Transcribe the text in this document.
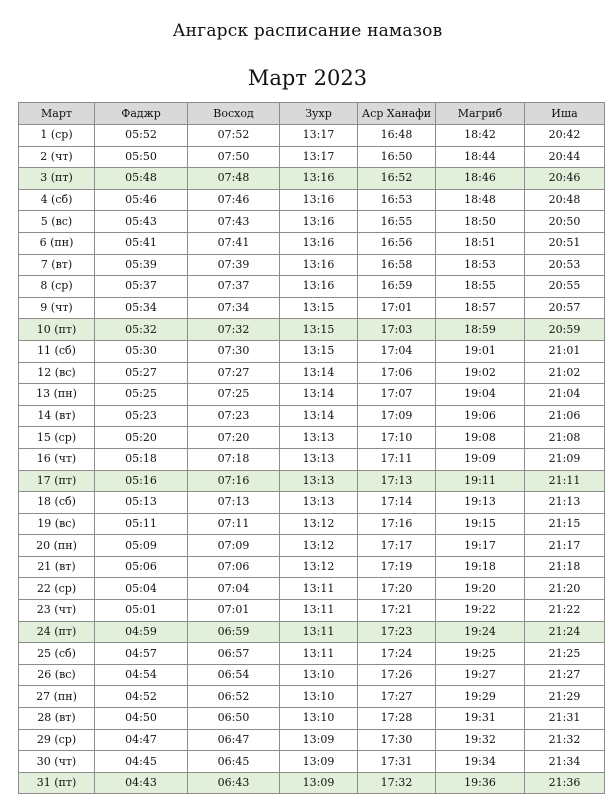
Ангарск расписание намазов
Март 2023
Март	Фаджр	Восход	Зухр	Аср Ханафи	Магриб	Иша
1 (ср)	05:52	07:52	13:17	16:48	18:42	20:42
2 (чт)	05:50	07:50	13:17	16:50	18:44	20:44
3 (пт)	05:48	07:48	13:16	16:52	18:46	20:46
4 (сб)	05:46	07:46	13:16	16:53	18:48	20:48
5 (вс)	05:43	07:43	13:16	16:55	18:50	20:50
6 (пн)	05:41	07:41	13:16	16:56	18:51	20:51
7 (вт)	05:39	07:39	13:16	16:58	18:53	20:53
8 (ср)	05:37	07:37	13:16	16:59	18:55	20:55
9 (чт)	05:34	07:34	13:15	17:01	18:57	20:57
10 (пт)	05:32	07:32	13:15	17:03	18:59	20:59
11 (сб)	05:30	07:30	13:15	17:04	19:01	21:01
12 (вс)	05:27	07:27	13:14	17:06	19:02	21:02
13 (пн)	05:25	07:25	13:14	17:07	19:04	21:04
14 (вт)	05:23	07:23	13:14	17:09	19:06	21:06
15 (ср)	05:20	07:20	13:13	17:10	19:08	21:08
16 (чт)	05:18	07:18	13:13	17:11	19:09	21:09
17 (пт)	05:16	07:16	13:13	17:13	19:11	21:11
18 (сб)	05:13	07:13	13:13	17:14	19:13	21:13
19 (вс)	05:11	07:11	13:12	17:16	19:15	21:15
20 (пн)	05:09	07:09	13:12	17:17	19:17	21:17
21 (вт)	05:06	07:06	13:12	17:19	19:18	21:18
22 (ср)	05:04	07:04	13:11	17:20	19:20	21:20
23 (чт)	05:01	07:01	13:11	17:21	19:22	21:22
24 (пт)	04:59	06:59	13:11	17:23	19:24	21:24
25 (сб)	04:57	06:57	13:11	17:24	19:25	21:25
26 (вс)	04:54	06:54	13:10	17:26	19:27	21:27
27 (пн)	04:52	06:52	13:10	17:27	19:29	21:29
28 (вт)	04:50	06:50	13:10	17:28	19:31	21:31
29 (ср)	04:47	06:47	13:09	17:30	19:32	21:32
30 (чт)	04:45	06:45	13:09	17:31	19:34	21:34
31 (пт)	04:43	06:43	13:09	17:32	19:36	21:36
